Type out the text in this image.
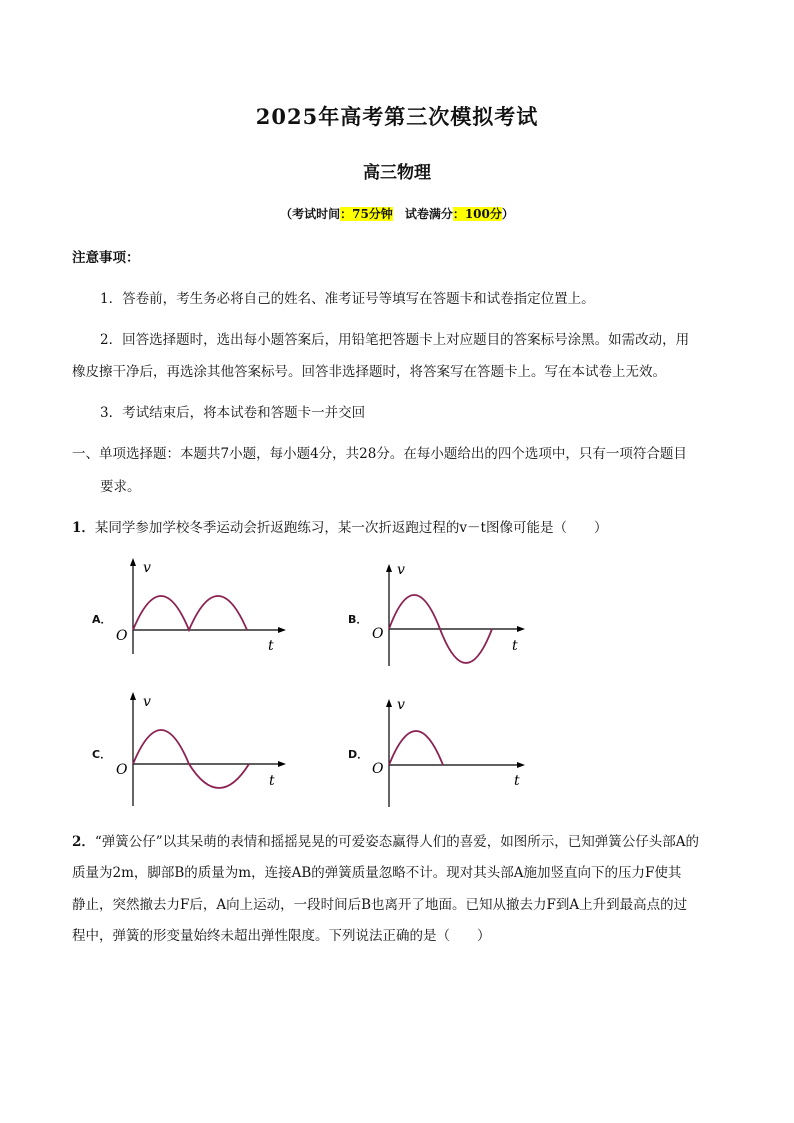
2025年高考第三次模拟考试
高三物理
（考试时间：75分钟　试卷满分：100分）
注意事项：
1．答卷前，考生务必将自己的姓名、准考证号等填写在答题卡和试卷指定位置上。
2．回答选择题时，选出每小题答案后，用铅笔把答题卡上对应题目的答案标号涂黑。如需改动，用
橡皮擦干净后，再选涂其他答案标号。回答非选择题时，将答案写在答题卡上。写在本试卷上无效。
3．考试结束后，将本试卷和答题卡一并交回
一、单项选择题：本题共7小题，每小题4分，共28分。在每小题给出的四个选项中，只有一项符合题目
要求。
1．某同学参加学校冬季运动会折返跑练习，某一次折返跑过程的v－t图像可能是（　　）
A．
v
t
O
B．
v
t
O
C．
v
t
O
D．
v
t
O
2．“弹簧公仔”以其呆萌的表情和摇摇晃晃的可爱姿态赢得人们的喜爱，如图所示，已知弹簧公仔头部A的
质量为2m，脚部B的质量为m，连接AB的弹簧质量忽略不计。现对其头部A施加竖直向下的压力F使其
静止，突然撤去力F后，A向上运动，一段时间后B也离开了地面。已知从撤去力F到A上升到最高点的过
程中，弹簧的形变量始终未超出弹性限度。下列说法正确的是（　　）
